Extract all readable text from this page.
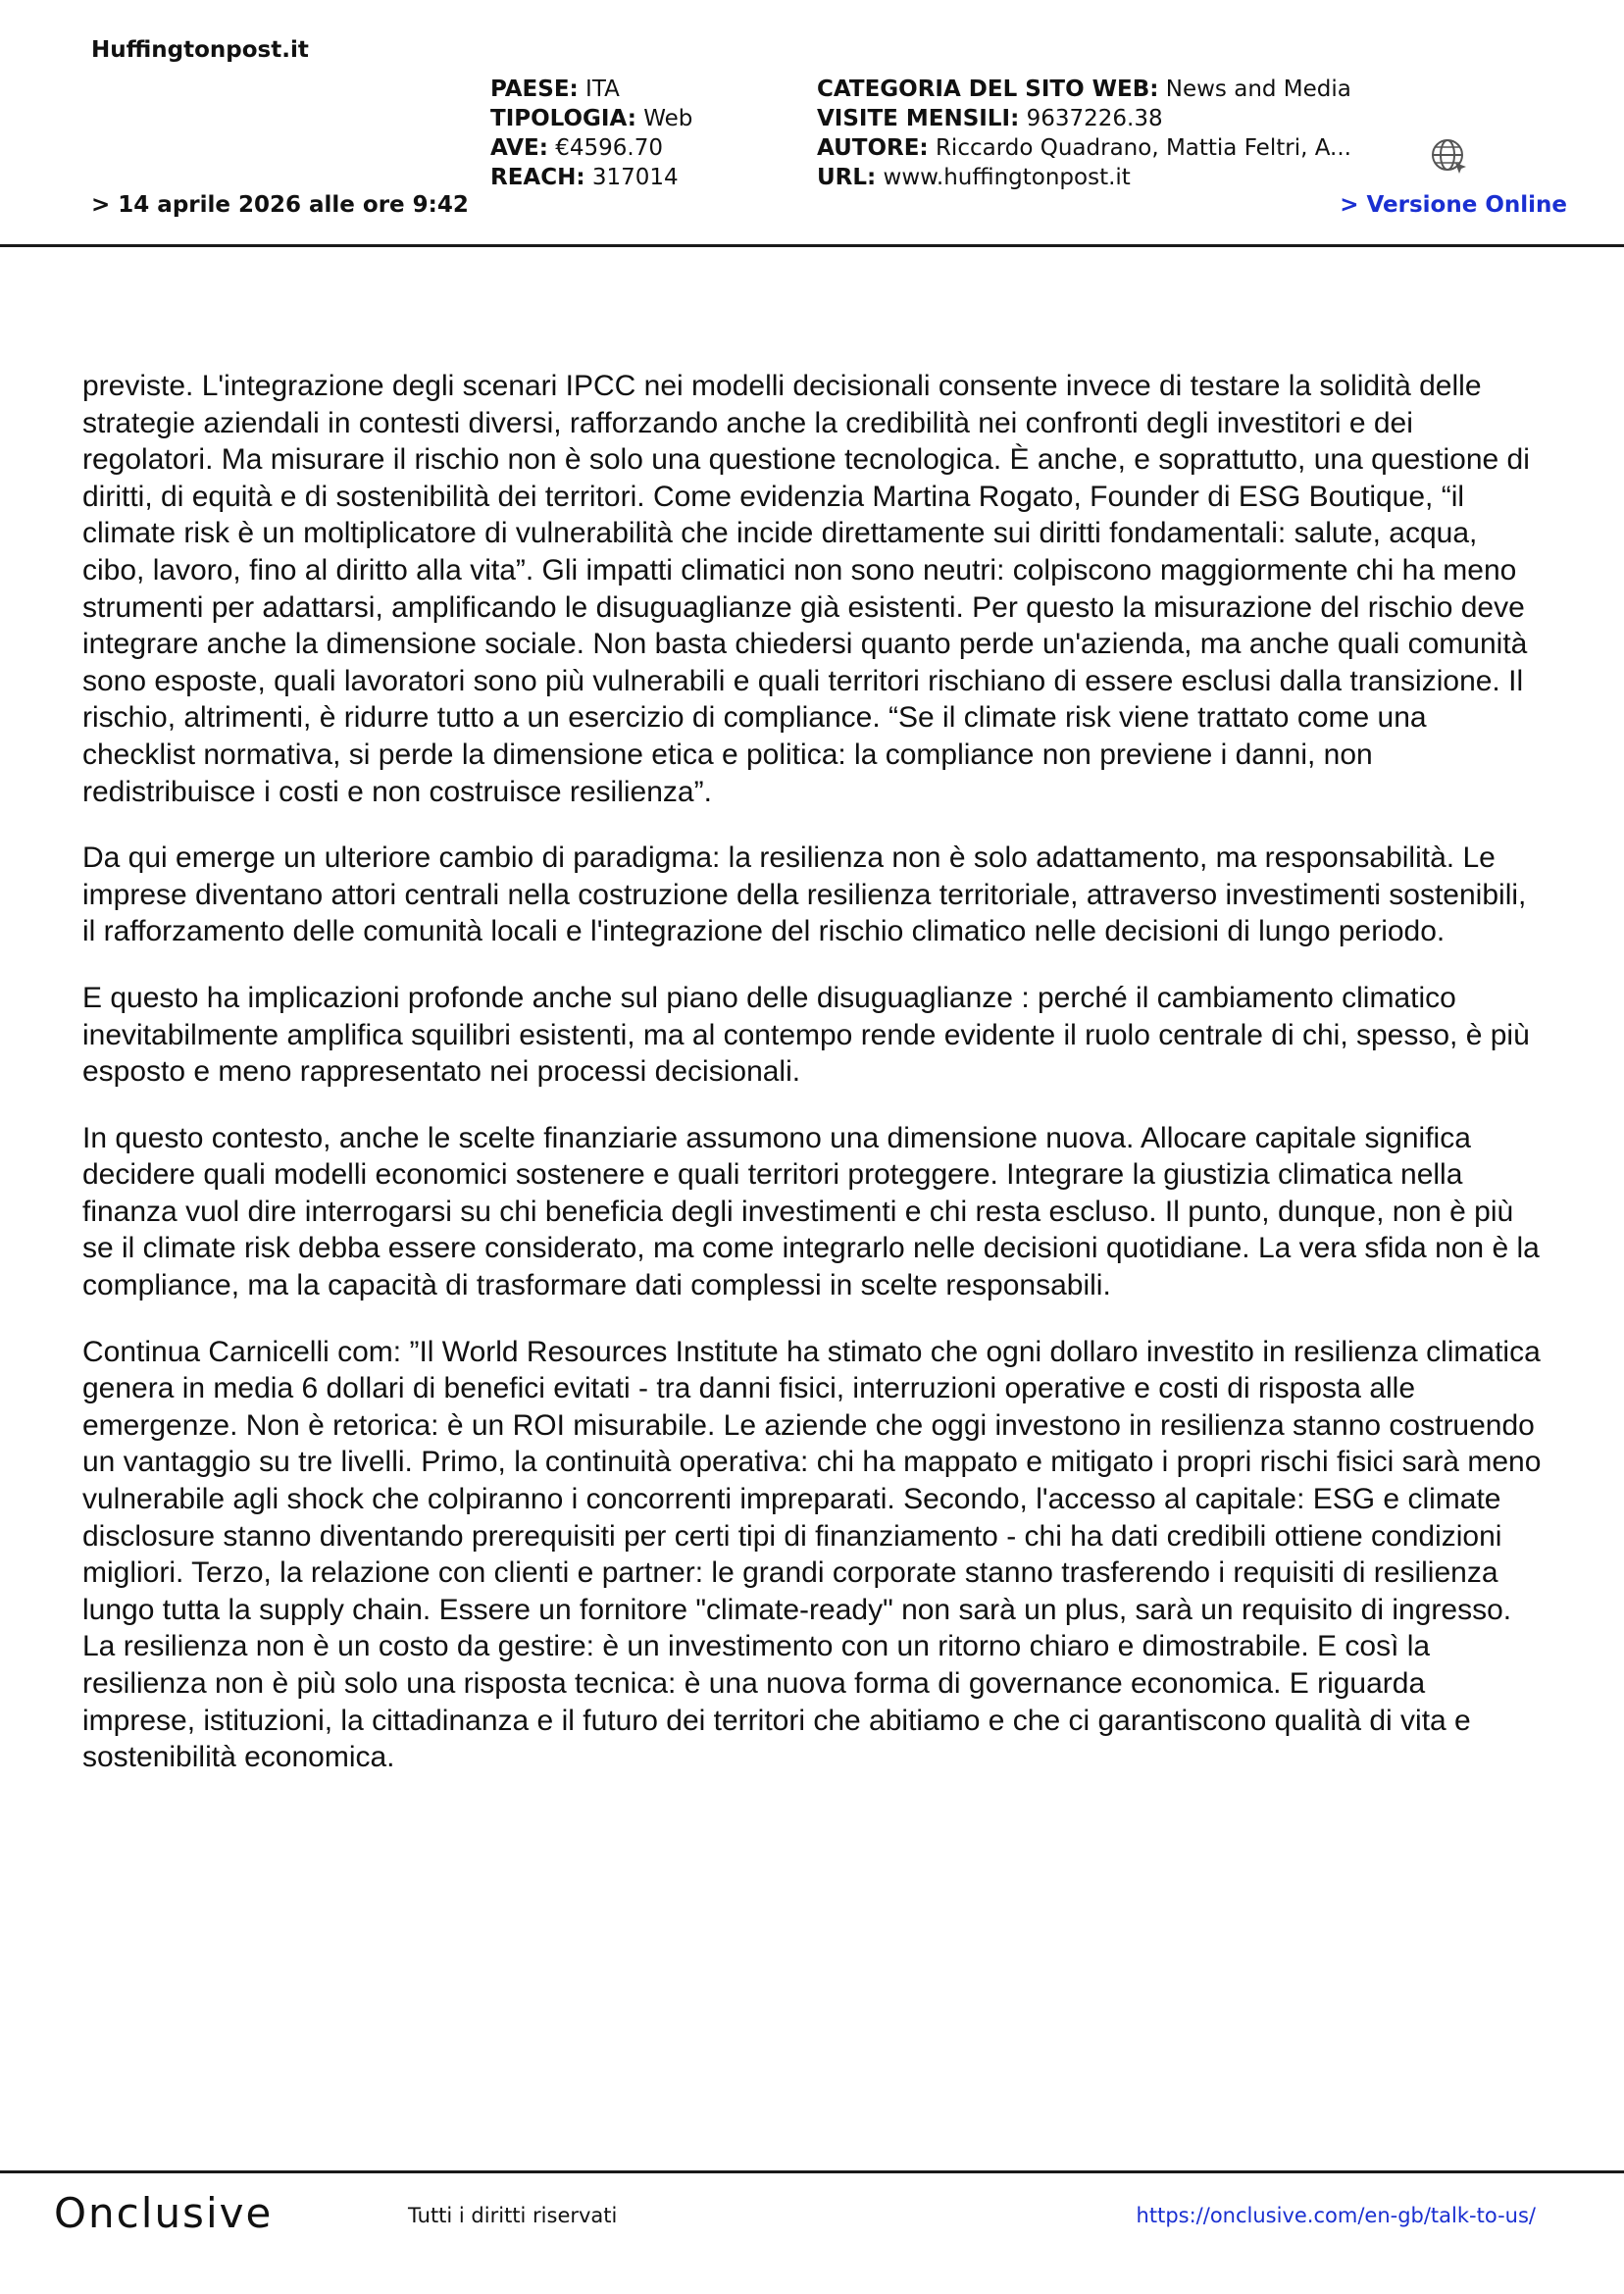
Huffingtonpost.it
PAESE: ITA
TIPOLOGIA: Web
AVE: €4596.70
REACH: 317014
CATEGORIA DEL SITO WEB: News and Media
VISITE MENSILI: 9637226.38
AUTORE: Riccardo Quadrano, Mattia Feltri, A...
URL: www.huffingtonpost.it
> 14 aprile 2026 alle ore 9:42	> Versione Online

previste. L'integrazione degli scenari IPCC nei modelli decisionali consente invece di testare la solidità delle strategie aziendali in contesti diversi, rafforzando anche la credibilità nei confronti degli investitori e dei regolatori. Ma misurare il rischio non è solo una questione tecnologica. È anche, e soprattutto, una questione di diritti, di equità e di sostenibilità dei territori. Come evidenzia Martina Rogato, Founder di ESG Boutique, “il climate risk è un moltiplicatore di vulnerabilità che incide direttamente sui diritti fondamentali: salute, acqua, cibo, lavoro, fino al diritto alla vita”. Gli impatti climatici non sono neutri: colpiscono maggiormente chi ha meno strumenti per adattarsi, amplificando le disuguaglianze già esistenti. Per questo la misurazione del rischio deve integrare anche la dimensione sociale. Non basta chiedersi quanto perde un'azienda, ma anche quali comunità sono esposte, quali lavoratori sono più vulnerabili e quali territori rischiano di essere esclusi dalla transizione. Il rischio, altrimenti, è ridurre tutto a un esercizio di compliance. “Se il climate risk viene trattato come una checklist normativa, si perde la dimensione etica e politica: la compliance non previene i danni, non redistribuisce i costi e non costruisce resilienza”.

Da qui emerge un ulteriore cambio di paradigma: la resilienza non è solo adattamento, ma responsabilità. Le imprese diventano attori centrali nella costruzione della resilienza territoriale, attraverso investimenti sostenibili, il rafforzamento delle comunità locali e l'integrazione del rischio climatico nelle decisioni di lungo periodo.

E questo ha implicazioni profonde anche sul piano delle disuguaglianze : perché il cambiamento climatico inevitabilmente amplifica squilibri esistenti, ma al contempo rende evidente il ruolo centrale di chi, spesso, è più esposto e meno rappresentato nei processi decisionali.

In questo contesto, anche le scelte finanziarie assumono una dimensione nuova. Allocare capitale significa decidere quali modelli economici sostenere e quali territori proteggere. Integrare la giustizia climatica nella finanza vuol dire interrogarsi su chi beneficia degli investimenti e chi resta escluso. Il punto, dunque, non è più se il climate risk debba essere considerato, ma come integrarlo nelle decisioni quotidiane. La vera sfida non è la compliance, ma la capacità di trasformare dati complessi in scelte responsabili.

Continua Carnicelli com: ”Il World Resources Institute ha stimato che ogni dollaro investito in resilienza climatica genera in media 6 dollari di benefici evitati - tra danni fisici, interruzioni operative e costi di risposta alle emergenze. Non è retorica: è un ROI misurabile. Le aziende che oggi investono in resilienza stanno costruendo un vantaggio su tre livelli. Primo, la continuità operativa: chi ha mappato e mitigato i propri rischi fisici sarà meno vulnerabile agli shock che colpiranno i concorrenti impreparati. Secondo, l'accesso al capitale: ESG e climate disclosure stanno diventando prerequisiti per certi tipi di finanziamento - chi ha dati credibili ottiene condizioni migliori. Terzo, la relazione con clienti e partner: le grandi corporate stanno trasferendo i requisiti di resilienza lungo tutta la supply chain. Essere un fornitore "climate-ready" non sarà un plus, sarà un requisito di ingresso. La resilienza non è un costo da gestire: è un investimento con un ritorno chiaro e dimostrabile. E così la resilienza non è più solo una risposta tecnica: è una nuova forma di governance economica. E riguarda imprese, istituzioni, la cittadinanza e il futuro dei territori che abitiamo e che ci garantiscono qualità di vita e sostenibilità economica.

Onclusive	Tutti i diritti riservati	https://onclusive.com/en-gb/talk-to-us/
